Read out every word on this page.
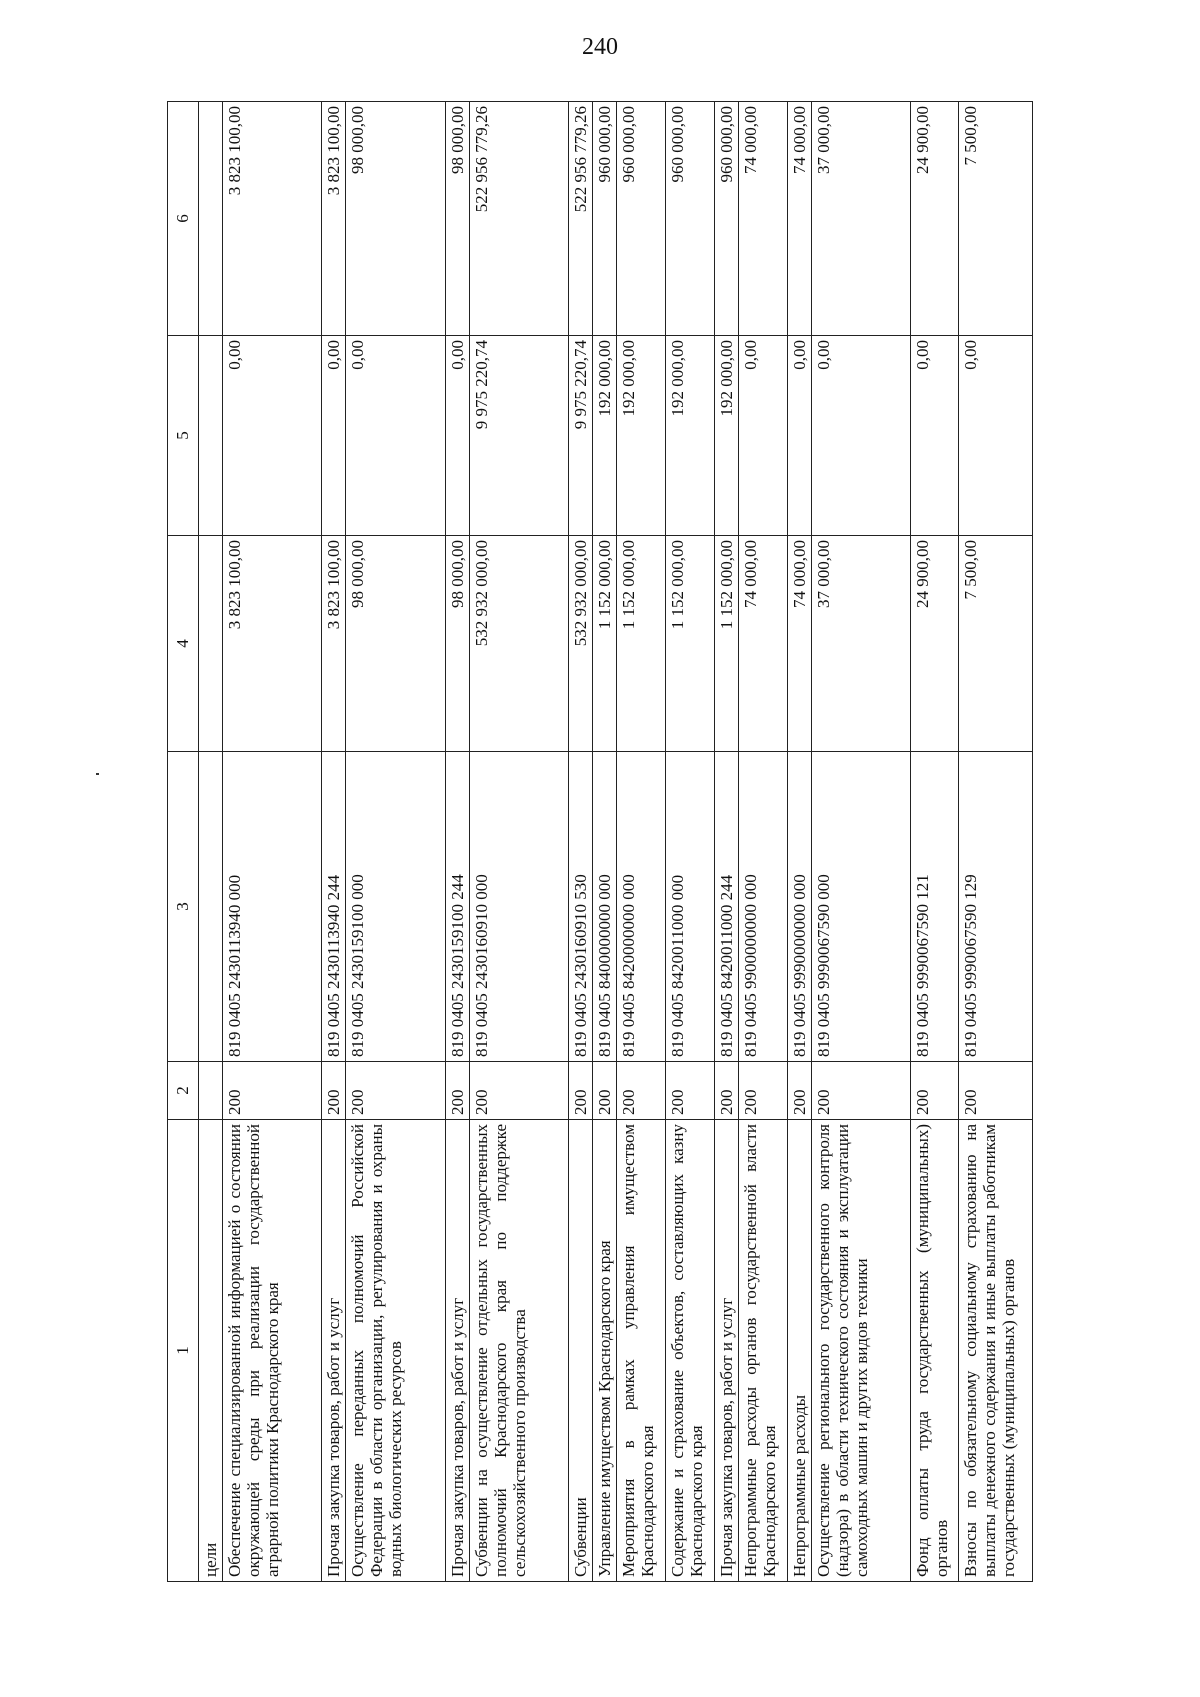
240
1	2	3	4	5	6
цели					
Обеспечение специализированной информацией о состоянии окружающей среды при реализации государственной аграрной политики Краснодарского края	200	819 0405 2430113940 000	3 823 100,00	0,00	3 823 100,00
Прочая закупка товаров, работ и услуг	200	819 0405 2430113940 244	3 823 100,00	0,00	3 823 100,00
Осуществление переданных полномочий Российской Федерации в области организации, регулирования и охраны водных биологических ресурсов	200	819 0405 2430159100 000	98 000,00	0,00	98 000,00
Прочая закупка товаров, работ и услуг	200	819 0405 2430159100 244	98 000,00	0,00	98 000,00
Субвенции на осуществление отдельных государственных полномочий Краснодарского края по поддержке сельскохозяйственного производства	200	819 0405 2430160910 000	532 932 000,00	9 975 220,74	522 956 779,26
Субвенции	200	819 0405 2430160910 530	532 932 000,00	9 975 220,74	522 956 779,26
Управление имуществом Краснодарского края	200	819 0405 8400000000 000	1 152 000,00	192 000,00	960 000,00
Мероприятия в рамках управления имуществом Краснодарского края	200	819 0405 8420000000 000	1 152 000,00	192 000,00	960 000,00
Содержание и страхование объектов, составляющих казну Краснодарского края	200	819 0405 8420011000 000	1 152 000,00	192 000,00	960 000,00
Прочая закупка товаров, работ и услуг	200	819 0405 8420011000 244	1 152 000,00	192 000,00	960 000,00
Непрограммные расходы органов государственной власти Краснодарского края	200	819 0405 9900000000 000	74 000,00	0,00	74 000,00
Непрограммные расходы	200	819 0405 9990000000 000	74 000,00	0,00	74 000,00
Осуществление регионального государственного контроля (надзора) в области технического состояния и эксплуатации самоходных машин и других видов техники	200	819 0405 9990067590 000	37 000,00	0,00	37 000,00
Фонд оплаты труда государственных (муниципальных) органов	200	819 0405 9990067590 121	24 900,00	0,00	24 900,00
Взносы по обязательному социальному страхованию на выплаты денежного содержания и иные выплаты работникам государственных (муниципальных) органов	200	819 0405 9990067590 129	7 500,00	0,00	7 500,00
